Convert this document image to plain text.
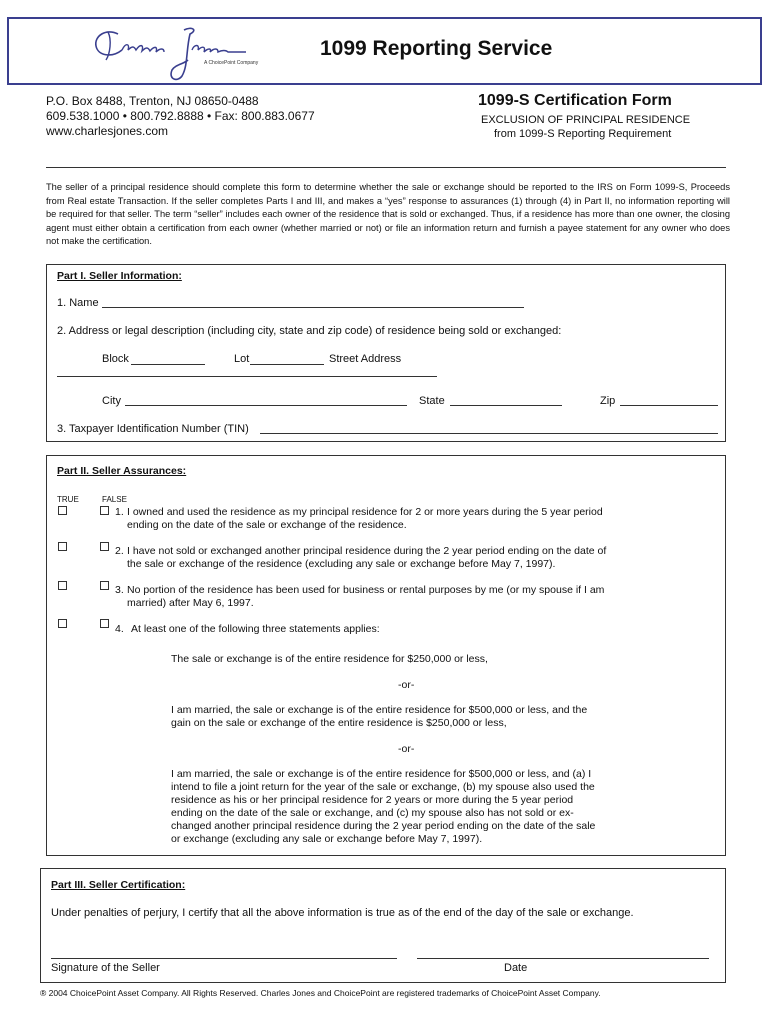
A ChoicePoint Company
1099 Reporting Service
P.O. Box 8488, Trenton, NJ 08650-0488
609.538.1000 • 800.792.8888 • Fax: 800.883.0677
www.charlesjones.com
1099-S Certification Form
EXCLUSION OF PRINCIPAL RESIDENCE
from 1099-S Reporting Requirement
The seller of a principal residence should complete this form to determine whether the sale or exchange should be reported to the IRS on Form 1099-S, Proceeds from Real estate Transaction. If the seller completes Parts I and III, and makes a “yes” response to assurances (1) through (4) in Part II, no information reporting will be required for that seller. The term “seller” includes each owner of the residence that is sold or exchanged. Thus, if a residence has more than one owner, the closing agent must either obtain a certification from each owner (whether married or not) or file an information return and furnish a payee statement for any owner who does not make the certification.
Part I. Seller Information:
1. Name
2. Address or legal description (including city, state and zip code) of residence being sold or exchanged:
Block	Lot	Street Address
City	State	Zip
3. Taxpayer Identification Number (TIN)
Part II. Seller Assurances:
TRUE	FALSE
1. I owned and used the residence as my principal residence for 2 or more years during the 5 year period
ending on the date of the sale or exchange of the residence.
2. I have not sold or exchanged another principal residence during the 2 year period ending on the date of
the sale or exchange of the residence (excluding any sale or exchange before May 7, 1997).
3. No portion of the residence has been used for business or rental purposes by me (or my spouse if I am
married) after May 6, 1997.
4. At least one of the following three statements applies:
The sale or exchange is of the entire residence for $250,000 or less,
-or-
I am married, the sale or exchange is of the entire residence for $500,000 or less, and the
gain on the sale or exchange of the entire residence is $250,000 or less,
-or-
I am married, the sale or exchange is of the entire residence for $500,000 or less, and (a) I
intend to file a joint return for the year of the sale or exchange, (b) my spouse also used the
residence as his or her principal residence for 2 years or more during the 5 year period
ending on the date of the sale or exchange, and (c) my spouse also has not sold or ex-
changed another principal residence during the 2 year period ending on the date of the sale
or exchange (excluding any sale or exchange before May 7, 1997).
Part III. Seller Certification:
Under penalties of perjury, I certify that all the above information is true as of the end of the day of the sale or exchange.
Signature of the Seller	Date
® 2004 ChoicePoint Asset Company. All Rights Reserved. Charles Jones and ChoicePoint are registered trademarks of ChoicePoint Asset Company.
